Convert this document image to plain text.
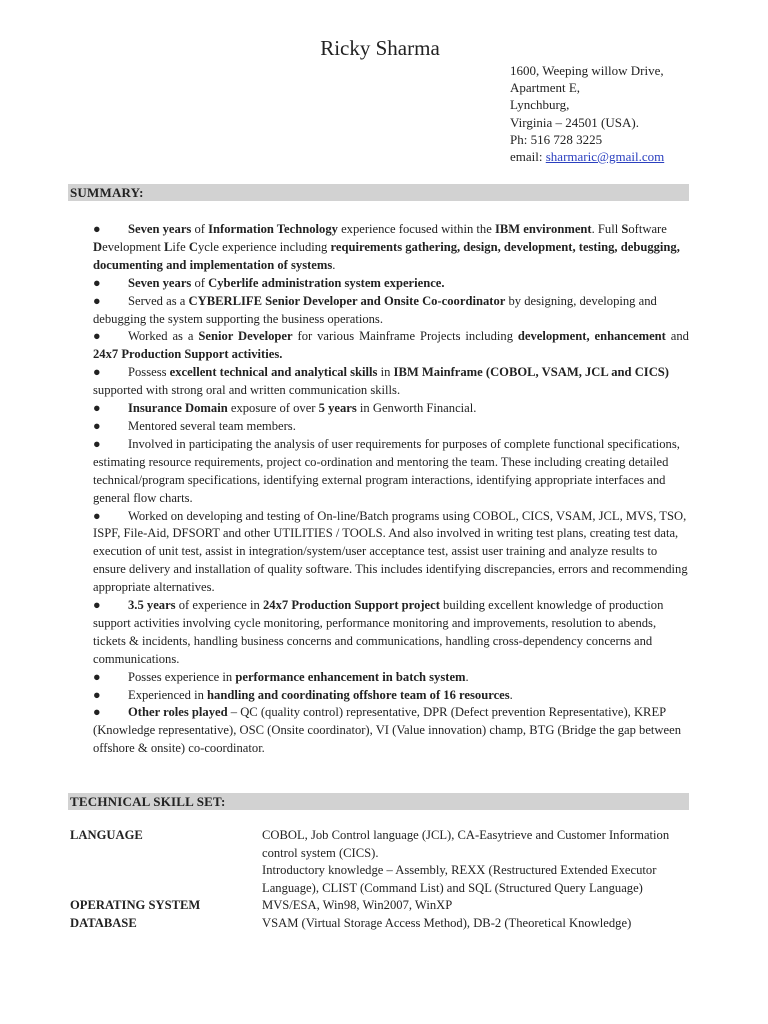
Ricky Sharma
1600, Weeping willow Drive,
Apartment E,
Lynchburg,
Virginia – 24501 (USA).
Ph: 516 728 3225
email: sharmaric@gmail.com
SUMMARY:

● Seven years of Information Technology experience focused within the IBM environment. Full Software Development Life Cycle experience including requirements gathering, design, development, testing, debugging, documenting and implementation of systems.

● Seven years of Cyberlife administration system experience.

● Served as a CYBERLIFE Senior Developer and Onsite Co-coordinator by designing, developing and debugging the system supporting the business operations.

● Worked as a Senior Developer for various Mainframe Projects including development, enhancement and 24x7 Production Support activities.

● Possess excellent technical and analytical skills in IBM Mainframe (COBOL, VSAM, JCL and CICS) supported with strong oral and written communication skills.

● Insurance Domain exposure of over 5 years in Genworth Financial.

● Mentored several team members.

● Involved in participating the analysis of user requirements for purposes of complete functional specifications, estimating resource requirements, project co-ordination and mentoring the team. These including creating detailed technical/program specifications, identifying external program interactions, identifying appropriate interfaces and general flow charts.

● Worked on developing and testing of On-line/Batch programs using COBOL, CICS, VSAM, JCL, MVS, TSO, ISPF, File-Aid, DFSORT and other UTILITIES / TOOLS. And also involved in writing test plans, creating test data, execution of unit test, assist in integration/system/user acceptance test, assist user training and analyze results to ensure delivery and installation of quality software. This includes identifying discrepancies, errors and recommending appropriate alternatives.

● 3.5 years of experience in 24x7 Production Support project building excellent knowledge of production support activities involving cycle monitoring, performance monitoring and improvements, resolution to abends, tickets & incidents, handling business concerns and communications, handling cross-dependency concerns and communications.

● Posses experience in performance enhancement in batch system.

● Experienced in handling and coordinating offshore team of 16 resources.

● Other roles played – QC (quality control) representative, DPR (Defect prevention Representative), KREP (Knowledge representative), OSC (Onsite coordinator), VI (Value innovation) champ, BTG (Bridge the gap between offshore & onsite) co-coordinator.

TECHNICAL SKILL SET:
LANGUAGE	COBOL, Job Control language (JCL), CA-Easytrieve and Customer Information control system (CICS).
Introductory knowledge – Assembly, REXX (Restructured Extended Executor Language), CLIST (Command List) and SQL (Structured Query Language)
OPERATING SYSTEM	MVS/ESA, Win98, Win2007, WinXP
DATABASE	VSAM (Virtual Storage Access Method), DB-2 (Theoretical Knowledge)
